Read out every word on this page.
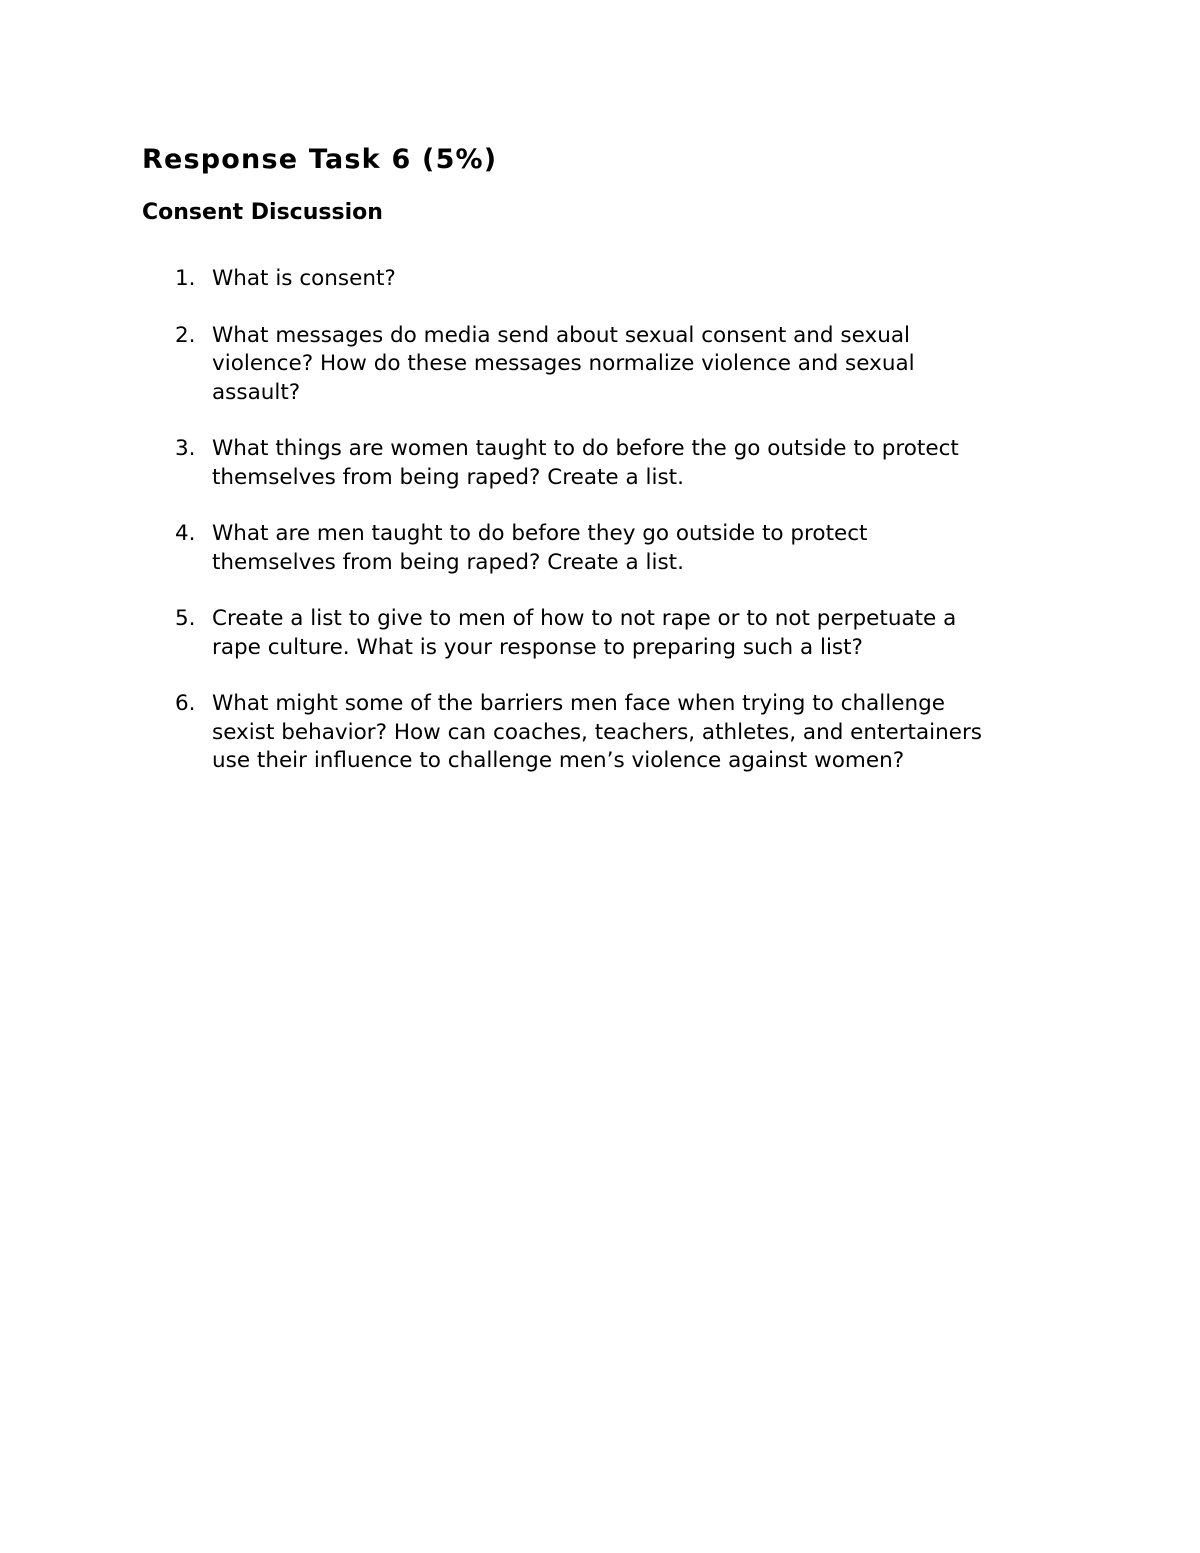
Response Task 6 (5%)
Consent Discussion
1. What is consent?
2. What messages do media send about sexual consent and sexual
violence? How do these messages normalize violence and sexual
assault?
3. What things are women taught to do before the go outside to protect
themselves from being raped? Create a list.
4. What are men taught to do before they go outside to protect
themselves from being raped? Create a list.
5. Create a list to give to men of how to not rape or to not perpetuate a
rape culture. What is your response to preparing such a list?
6. What might some of the barriers men face when trying to challenge
sexist behavior? How can coaches, teachers, athletes, and entertainers
use their influence to challenge men’s violence against women?
